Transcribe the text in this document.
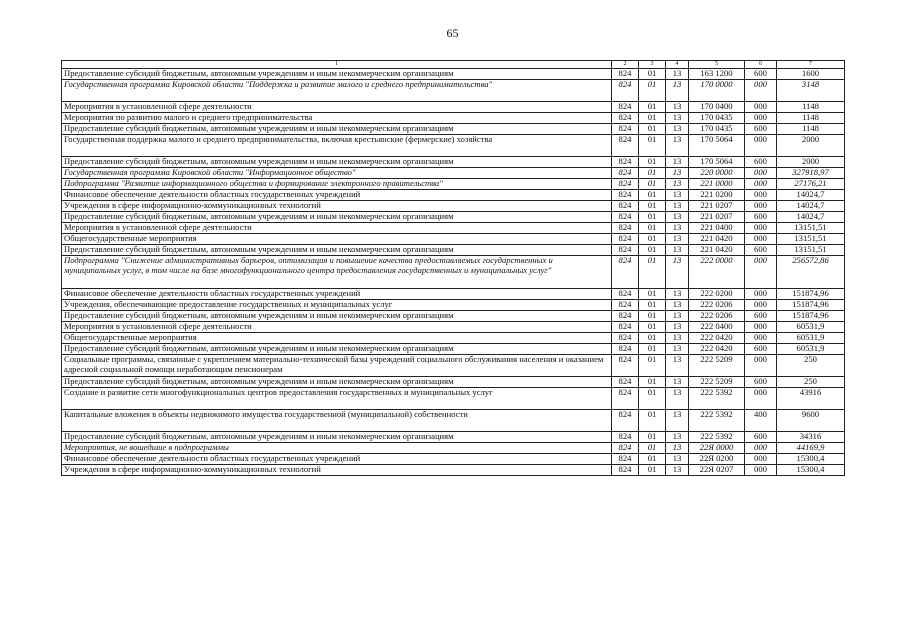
65
1	2	3	4	5	6	7
Предоставление субсидий бюджетным, автономным учреждениям и иным некоммерческим организациям	824	01	13	163 1200	600	1600
Государственная программа Кировской области "Поддержка и развитие малого и среднего предпринимательства"	824	01	13	170 0000	000	3148
Мероприятия в установленной сфере деятельности	824	01	13	170 0400	000	1148
Мероприятия по развитию малого и среднего предпринимательства	824	01	13	170 0435	000	1148
Предоставление субсидий бюджетным, автономным учреждениям и иным некоммерческим организациям	824	01	13	170 0435	600	1148
Государственная поддержка малого и среднего предпринимательства, включая крестьянские (фермерские) хозяйства	824	01	13	170 5064	000	2000
Предоставление субсидий бюджетным, автономным учреждениям и иным некоммерческим организациям	824	01	13	170 5064	600	2000
Государственная программа Кировской области "Информационное общество"	824	01	13	220 0000	000	327918,97
Подпрограмма "Развитие информационного общества и формирование электронного правительства"	824	01	13	221 0000	000	27176,21
Финансовое обеспечение деятельности областных государственных учреждений	824	01	13	221 0200	000	14024,7
Учреждения в сфере информационно-коммуникационных технологий	824	01	13	221 0207	000	14024,7
Предоставление субсидий бюджетным, автономным учреждениям и иным некоммерческим организациям	824	01	13	221 0207	600	14024,7
Мероприятия в установленной сфере деятельности	824	01	13	221 0400	000	13151,51
Общегосударственные мероприятия	824	01	13	221 0420	000	13151,51
Предоставление субсидий бюджетным, автономным учреждениям и иным некоммерческим организациям	824	01	13	221 0420	600	13151,51
Подпрограмма "Снижение административных барьеров, оптимизация и повышение качества предоставляемых государственных и муниципальных услуг, в том числе на базе многофункционального центра предоставления государственных и муниципальных услуг"	824	01	13	222 0000	000	256572,86
Финансовое обеспечение деятельности областных государственных учреждений	824	01	13	222 0200	000	151874,96
Учреждения, обеспечивающие предоставление государственных и муниципальных услуг	824	01	13	222 0206	000	151874,96
Предоставление субсидий бюджетным, автономным учреждениям и иным некоммерческим организациям	824	01	13	222 0206	600	151874,96
Мероприятия в установленной сфере деятельности	824	01	13	222 0400	000	60531,9
Общегосударственные мероприятия	824	01	13	222 0420	000	60531,9
Предоставление субсидий бюджетным, автономным учреждениям и иным некоммерческим организациям	824	01	13	222 0420	600	60531,9
Социальные программы, связанные с укреплением материально-технической базы учреждений социального обслуживания населения и оказанием адресной социальной помощи неработающим пенсионерам	824	01	13	222 5209	000	250
Предоставление субсидий бюджетным, автономным учреждениям и иным некоммерческим организациям	824	01	13	222 5209	600	250
Создание и развитие сети многофункциональных центров предоставления государственных и муниципальных услуг	824	01	13	222 5392	000	43916
Капитальные вложения в объекты недвижимого имущества государственной (муниципальной) собственности	824	01	13	222 5392	400	9600
Предоставление субсидий бюджетным, автономным учреждениям и иным некоммерческим организациям	824	01	13	222 5392	600	34316
Мероприятия, не вошедшие в подпрограммы	824	01	13	22Я 0000	000	44169,9
Финансовое обеспечение деятельности областных государственных учреждений	824	01	13	22Я 0200	000	15300,4
Учреждения в сфере информационно-коммуникационных технологий	824	01	13	22Я 0207	000	15300,4
